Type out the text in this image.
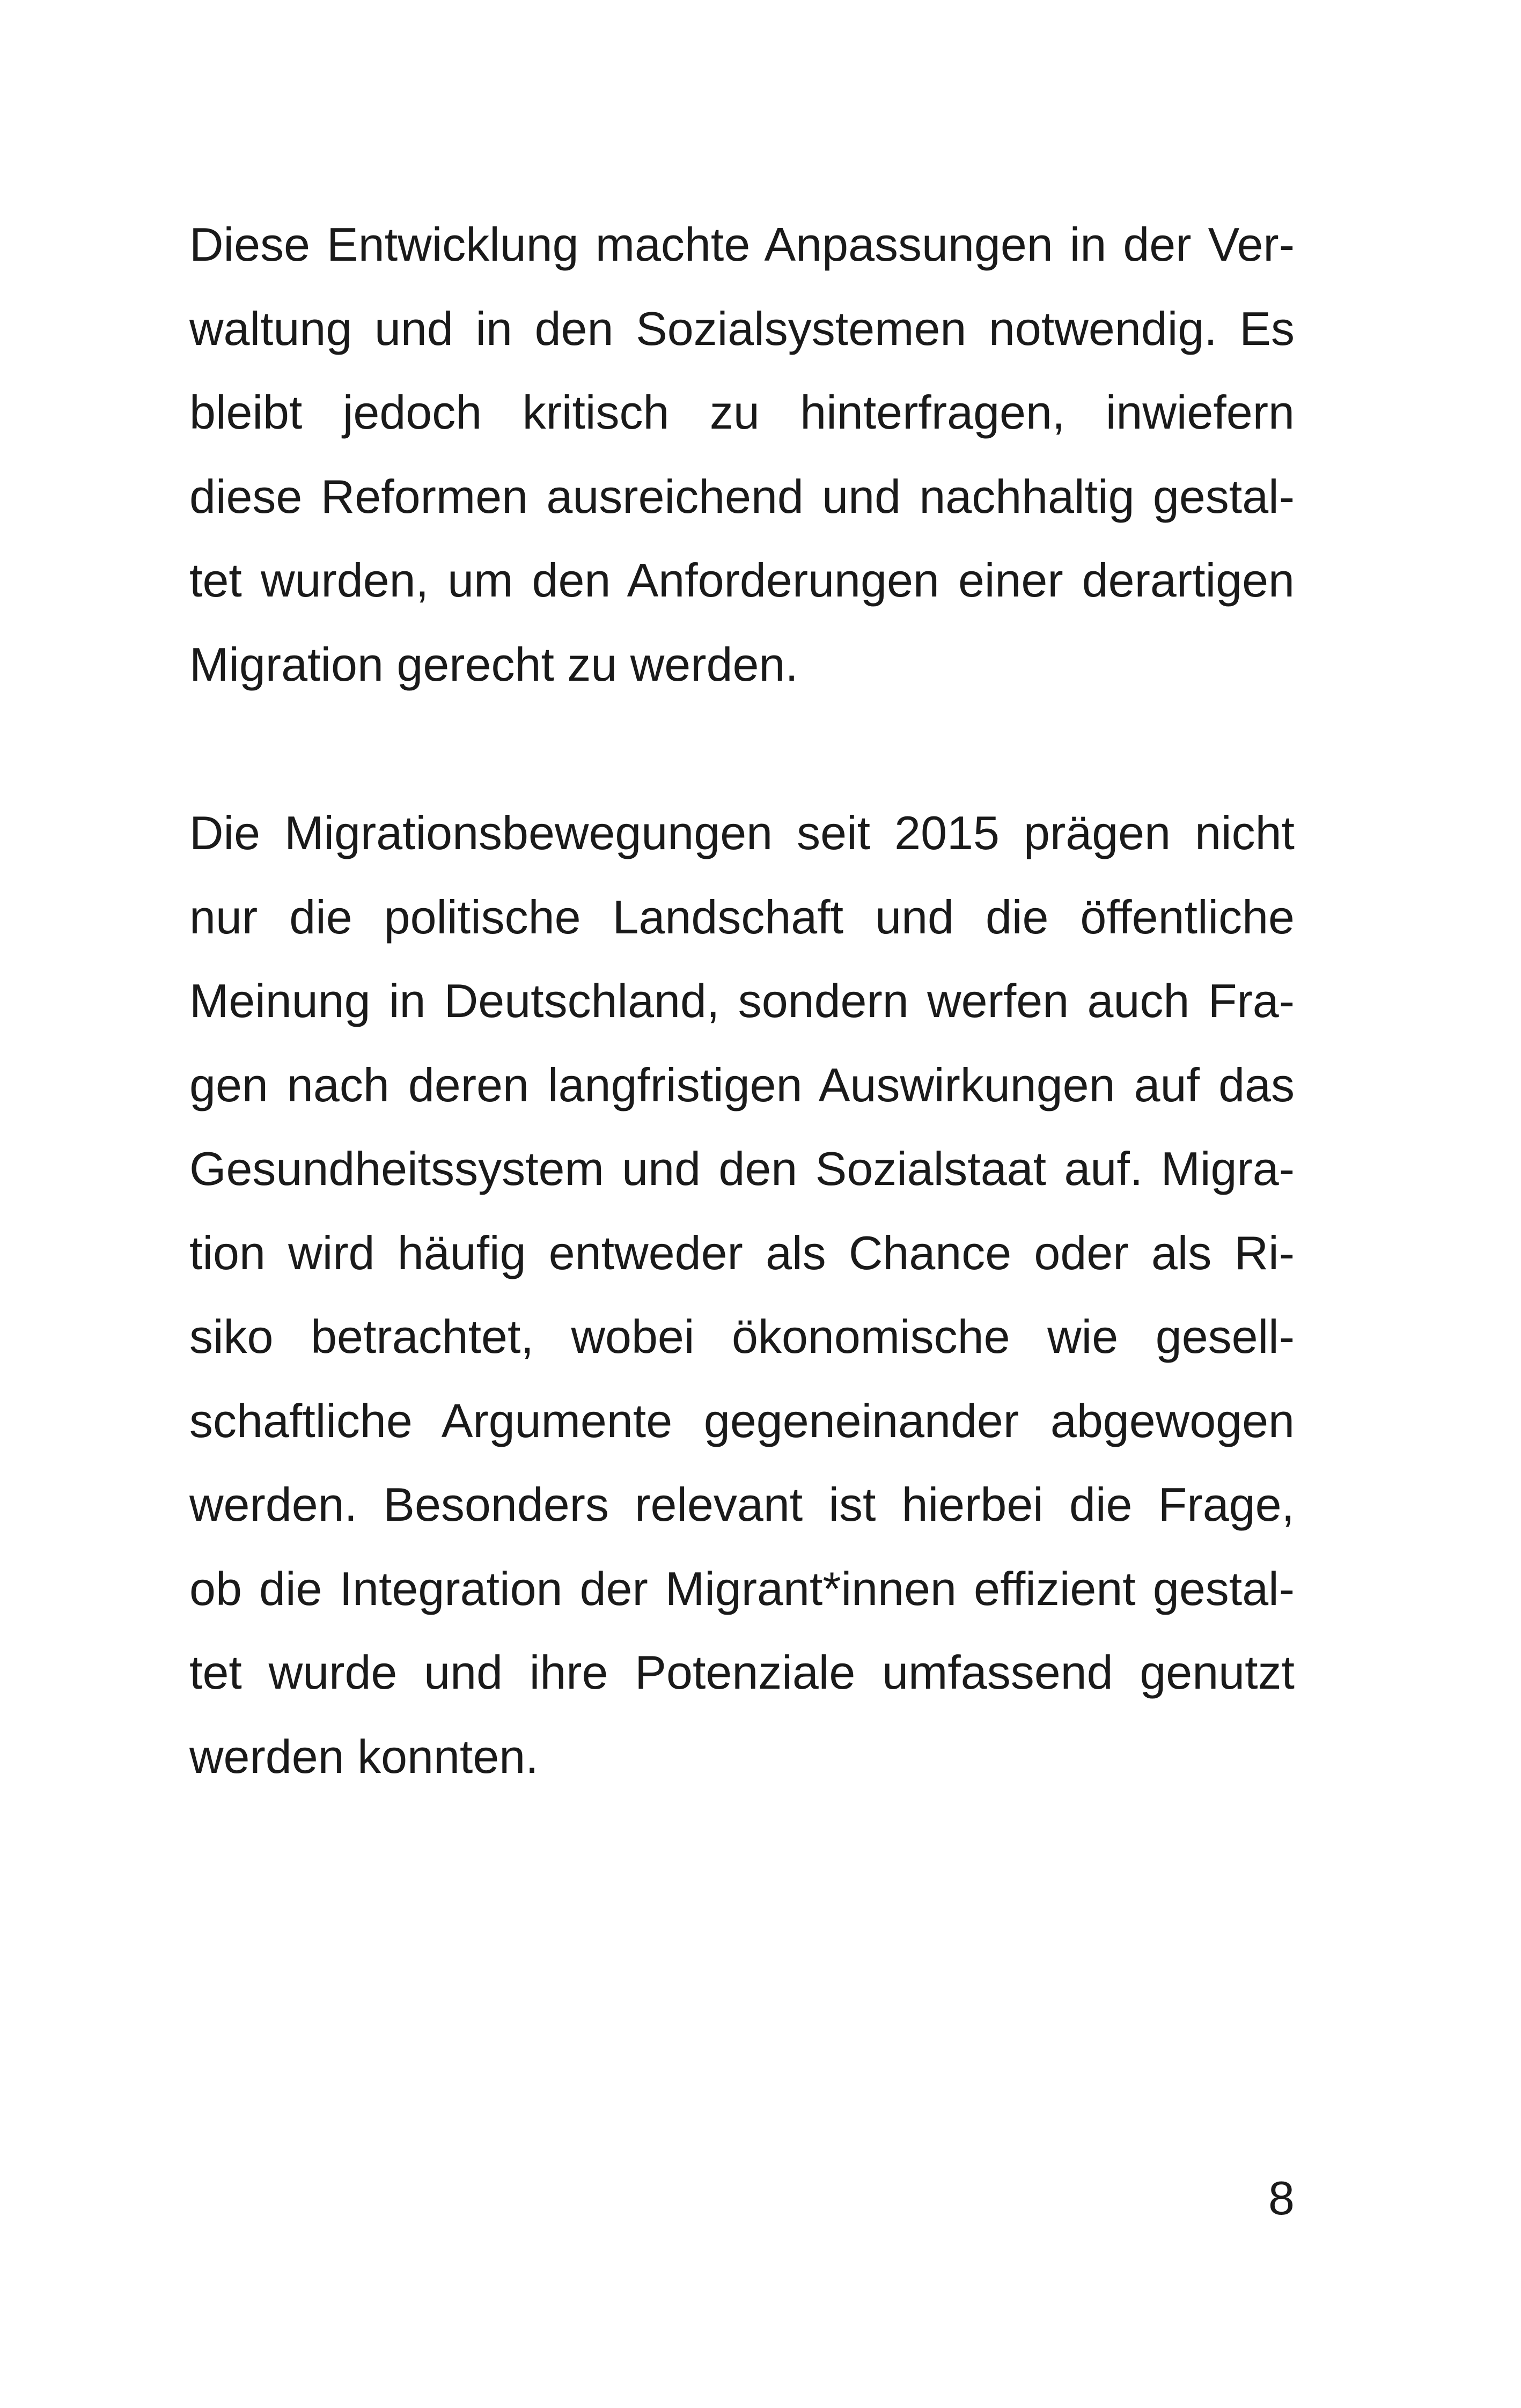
Diese Entwicklung machte Anpassungen in der Ver-
waltung und in den Sozialsystemen notwendig. Es
bleibt jedoch kritisch zu hinterfragen, inwiefern
diese Reformen ausreichend und nachhaltig gestal-
tet wurden, um den Anforderungen einer derartigen
Migration gerecht zu werden.
Die Migrationsbewegungen seit 2015 prägen nicht
nur die politische Landschaft und die öffentliche
Meinung in Deutschland, sondern werfen auch Fra-
gen nach deren langfristigen Auswirkungen auf das
Gesundheitssystem und den Sozialstaat auf. Migra-
tion wird häufig entweder als Chance oder als Ri-
siko betrachtet, wobei ökonomische wie gesell-
schaftliche Argumente gegeneinander abgewogen
werden. Besonders relevant ist hierbei die Frage,
ob die Integration der Migrant*innen effizient gestal-
tet wurde und ihre Potenziale umfassend genutzt
werden konnten.
8
